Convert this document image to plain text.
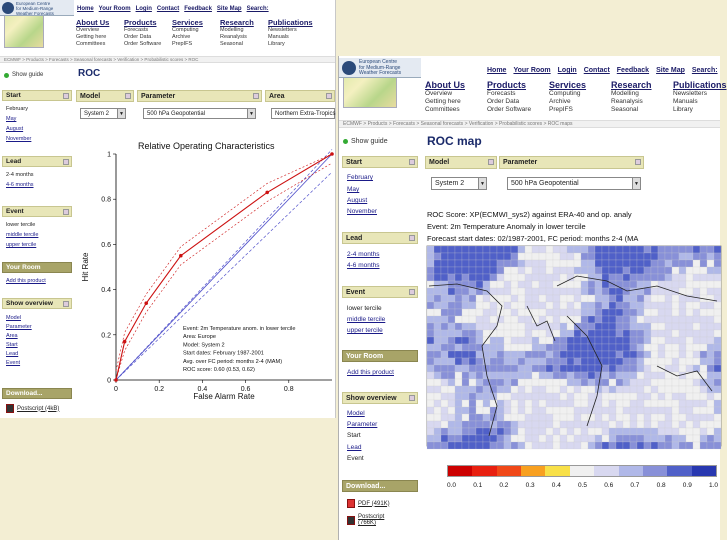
European Centre
for Medium-Range
Weather Forecasts
Home Your Room Login Contact Feedback Site Map Search:
About Us
Overview
Getting here
Committees
Products
Forecasts
Order Data
Order Software
Services
Computing
Archive
PrepIFS
Research
Modelling
Reanalysis
Seasonal
Publications
Newsletters
Manuals
Library
ECMWF > Products > Forecasts > Seasonal forecasts > Verification > Probabilistic scores > ROC
Show guide	ROC
Model
System 2	▼
Parameter
500 hPa Geopotential	▼
Area
Northern Extra-Tropics
Start
February
May
August
November
Lead
2-4 months
4-6 months
Event
lower tercile
middle tercile
upper tercile
Your Room
Add this product
Show overview
Model
Parameter
Area
Start
Lead
Event
Download...
Postscript (4kB)
Relative Operating Characteristics
0
0.2
0.4
0.6
0.8
1
0	0.2	0.4	0.6	0.8
False Alarm Rate
Hit Rate
Event: 2m Temperature anom. in lower tercile
Area: Europe
Model: System 2
Start dates: February 1987-2001
Avg. over FC period: months 2-4 (MAM)
ROC score: 0.60 (0.53, 0.62)
European Centre
for Medium-Range
Weather Forecasts	Home Your Room Login Contact Feedback Site Map Search:
About Us
Overview
Getting here
Committees
Products
Forecasts
Order Data
Order Software
Services
Computing
Archive
PrepIFS
Research
Modelling
Reanalysis
Seasonal
Publications
Newsletters
Manuals
Library
ECMWF > Products > Forecasts > Seasonal forecasts > Verification > Probabilistic scores > ROC maps
Show guide	ROC map
Model
System 2	▼
Parameter
500 hPa Geopotential	▼
Start
February
May
August
November
Lead
2-4 months
4-6 months
Event
lower tercile
middle tercile
upper tercile
Your Room
Add this product
Show overview
Model
Parameter
Start
Lead
Event
Download...
PDF (491K)
Postscript (766K)
ROC Score: XP(ECMWI_sys2) against ERA-40 and op. analy
Event: 2m Temperature Anomaly in lower tercile
Forecast start dates: 02/1987-2001, FC period: months 2-4 (MA
0.0	0.1	0.2	0.3	0.4	0.5	0.6	0.7	0.8	0.9	1.0
